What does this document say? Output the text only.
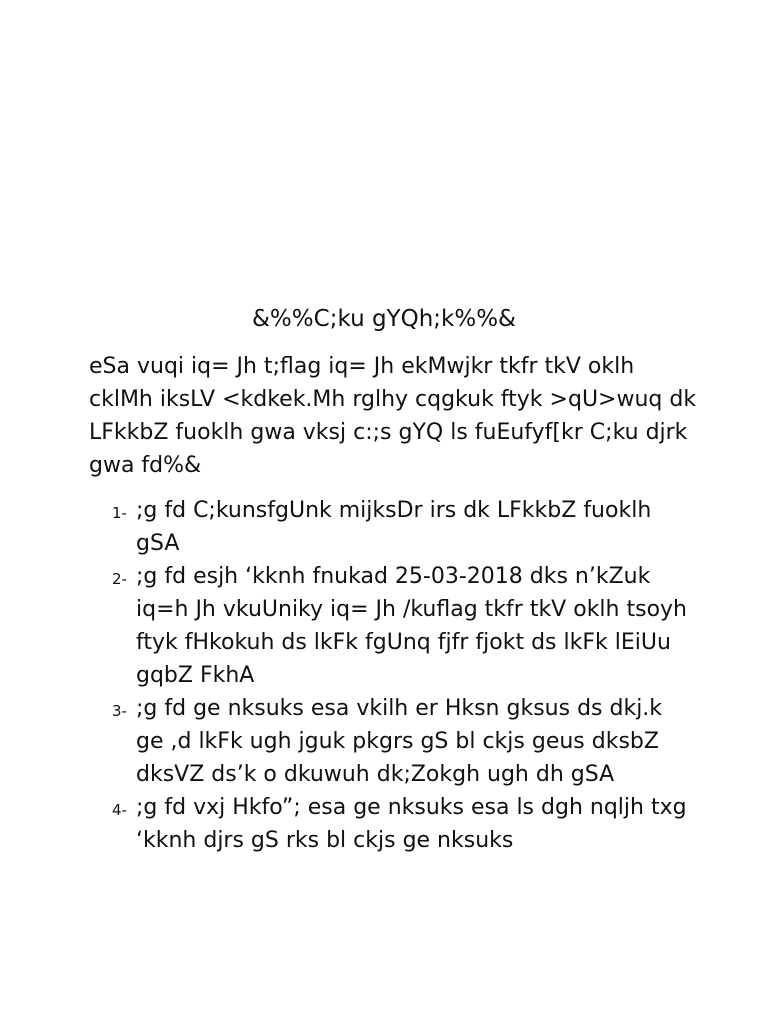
&%%C;ku gYQh;k%%&

eSa vuqi iq= Jh t;flag iq= Jh ekMwjkr tkfr tkV oklh cklMh iksLV <kdkek.Mh rglhy cqgkuk ftyk >qU>wuq dk LFkkbZ fuoklh gwa vksj c:;s gYQ ls fuEufyf[kr C;ku djrk gwa fd%&

1- ;g fd C;kunsfgUnk mijksDr irs dk LFkkbZ fuoklh gSA
2- ;g fd esjh ‘kknh fnukad 25-03-2018 dks n’kZuk iq=h Jh vkuUniky iq= Jh /kuflag tkfr tkV oklh tsoyh ftyk fHkokuh ds lkFk fgUnq fjfr fjokt ds lkFk lEiUu gqbZ FkhA
3- ;g fd ge nksuks esa vkilh er Hksn gksus ds dkj.k ge ,d lkFk ugh jguk pkgrs gS bl ckjs geus dksbZ dksVZ ds’k o dkuwuh dk;Zokgh ugh dh gSA
4- ;g fd vxj Hkfo”; esa ge nksuks esa ls dgh nqljh txg ‘kknh djrs gS rks bl ckjs ge nksuks
